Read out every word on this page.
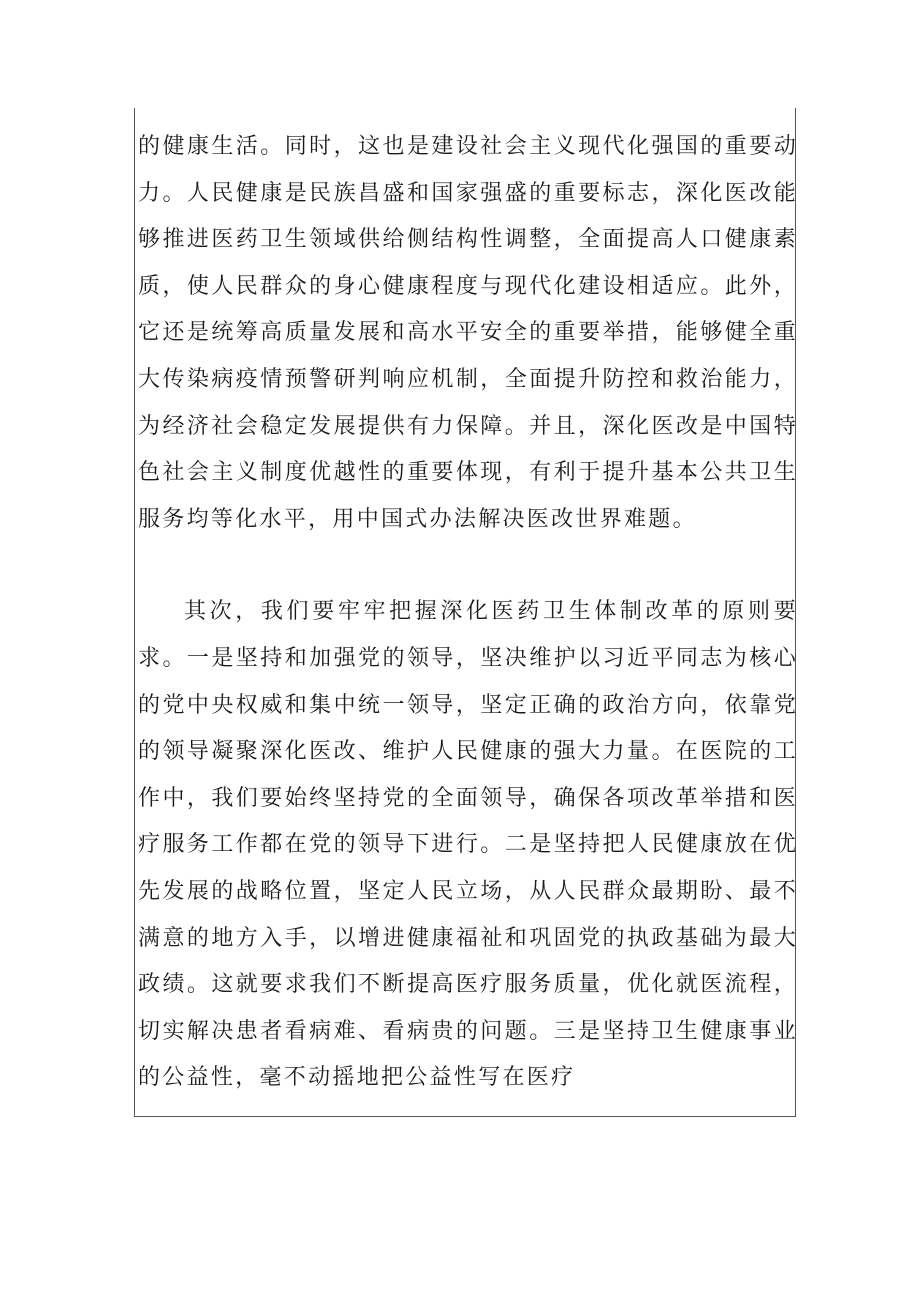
的健康生活。同时，这也是建设社会主义现代化强国的重要动力。人民健康是民族昌盛和国家强盛的重要标志，深化医改能够推进医药卫生领域供给侧结构性调整，全面提高人口健康素质，使人民群众的身心健康程度与现代化建设相适应。此外，它还是统筹高质量发展和高水平安全的重要举措，能够健全重大传染病疫情预警研判响应机制，全面提升防控和救治能力，为经济社会稳定发展提供有力保障。并且，深化医改是中国特色社会主义制度优越性的重要体现，有利于提升基本公共卫生服务均等化水平，用中国式办法解决医改世界难题。

其次，我们要牢牢把握深化医药卫生体制改革的原则要求。一是坚持和加强党的领导，坚决维护以习近平同志为核心的党中央权威和集中统一领导，坚定正确的政治方向，依靠党的领导凝聚深化医改、维护人民健康的强大力量。在医院的工作中，我们要始终坚持党的全面领导，确保各项改革举措和医疗服务工作都在党的领导下进行。二是坚持把人民健康放在优先发展的战略位置，坚定人民立场，从人民群众最期盼、最不满意的地方入手，以增进健康福祉和巩固党的执政基础为最大政绩。这就要求我们不断提高医疗服务质量，优化就医流程，切实解决患者看病难、看病贵的问题。三是坚持卫生健康事业的公益性，毫不动摇地把公益性写在医疗
